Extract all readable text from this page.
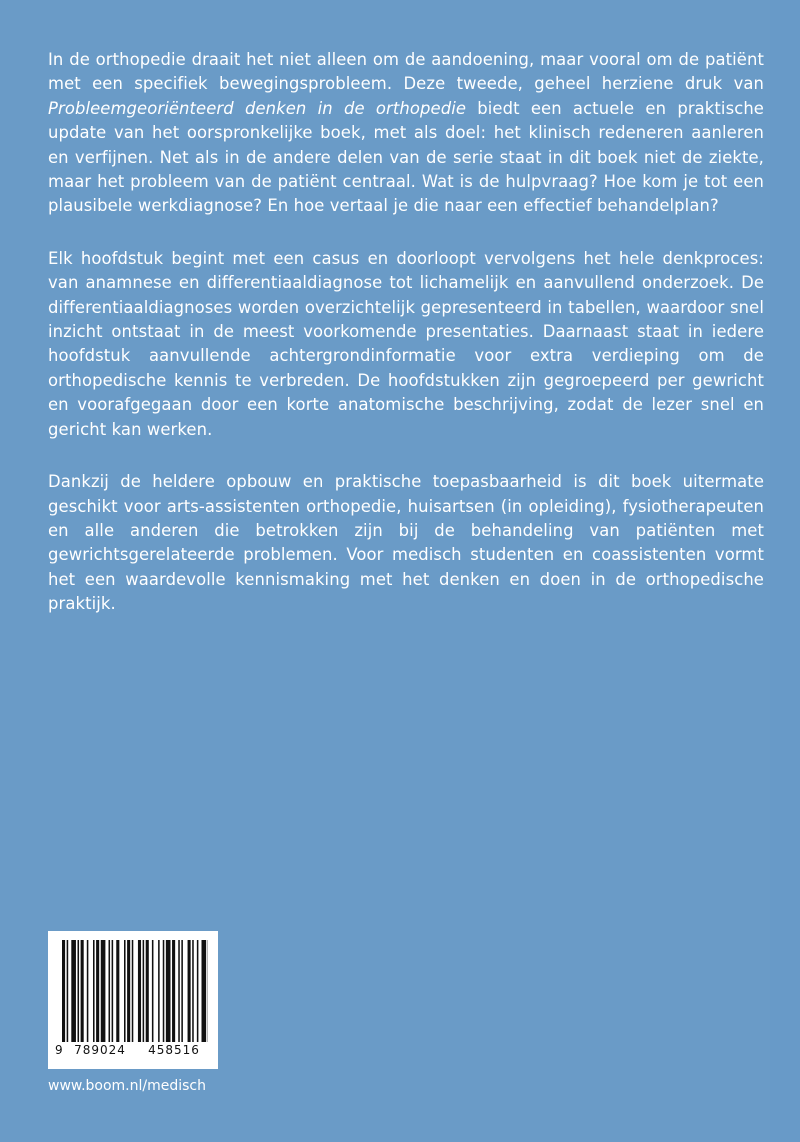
In de orthopedie draait het niet alleen om de aandoening, maar vooral om de patiënt met een specifiek bewegingsprobleem. Deze tweede, geheel herziene druk van Probleemgeoriënteerd denken in de orthopedie biedt een actuele en praktische update van het oorspronkelijke boek, met als doel: het klinisch redeneren aanleren en verfijnen. Net als in de andere delen van de serie staat in dit boek niet de ziekte, maar het probleem van de patiënt centraal. Wat is de hulpvraag? Hoe kom je tot een plausibele werkdiagnose? En hoe vertaal je die naar een effectief behandelplan?

Elk hoofdstuk begint met een casus en doorloopt vervolgens het hele denkproces: van anamnese en differentiaaldiagnose tot lichamelijk en aanvullend onderzoek. De differentiaaldiagnoses worden overzichtelijk gepresenteerd in tabellen, waardoor snel inzicht ontstaat in de meest voorkomende presentaties. Daarnaast staat in iedere hoofdstuk aanvullende achtergrondinformatie voor extra verdieping om de orthopedische kennis te verbreden. De hoofdstukken zijn gegroepeerd per gewricht en voorafgegaan door een korte anatomische beschrijving, zodat de lezer snel en gericht kan werken.

Dankzij de heldere opbouw en praktische toepasbaarheid is dit boek uitermate geschikt voor arts-assistenten orthopedie, huisartsen (in opleiding), fysiotherapeuten en alle anderen die betrokken zijn bij de behandeling van patiënten met gewrichtsgerelateerde problemen. Voor medisch studenten en coassistenten vormt het een waardevolle kennismaking met het denken en doen in de orthopedische praktijk.

9 789024	458516
www.boom.nl/medisch
